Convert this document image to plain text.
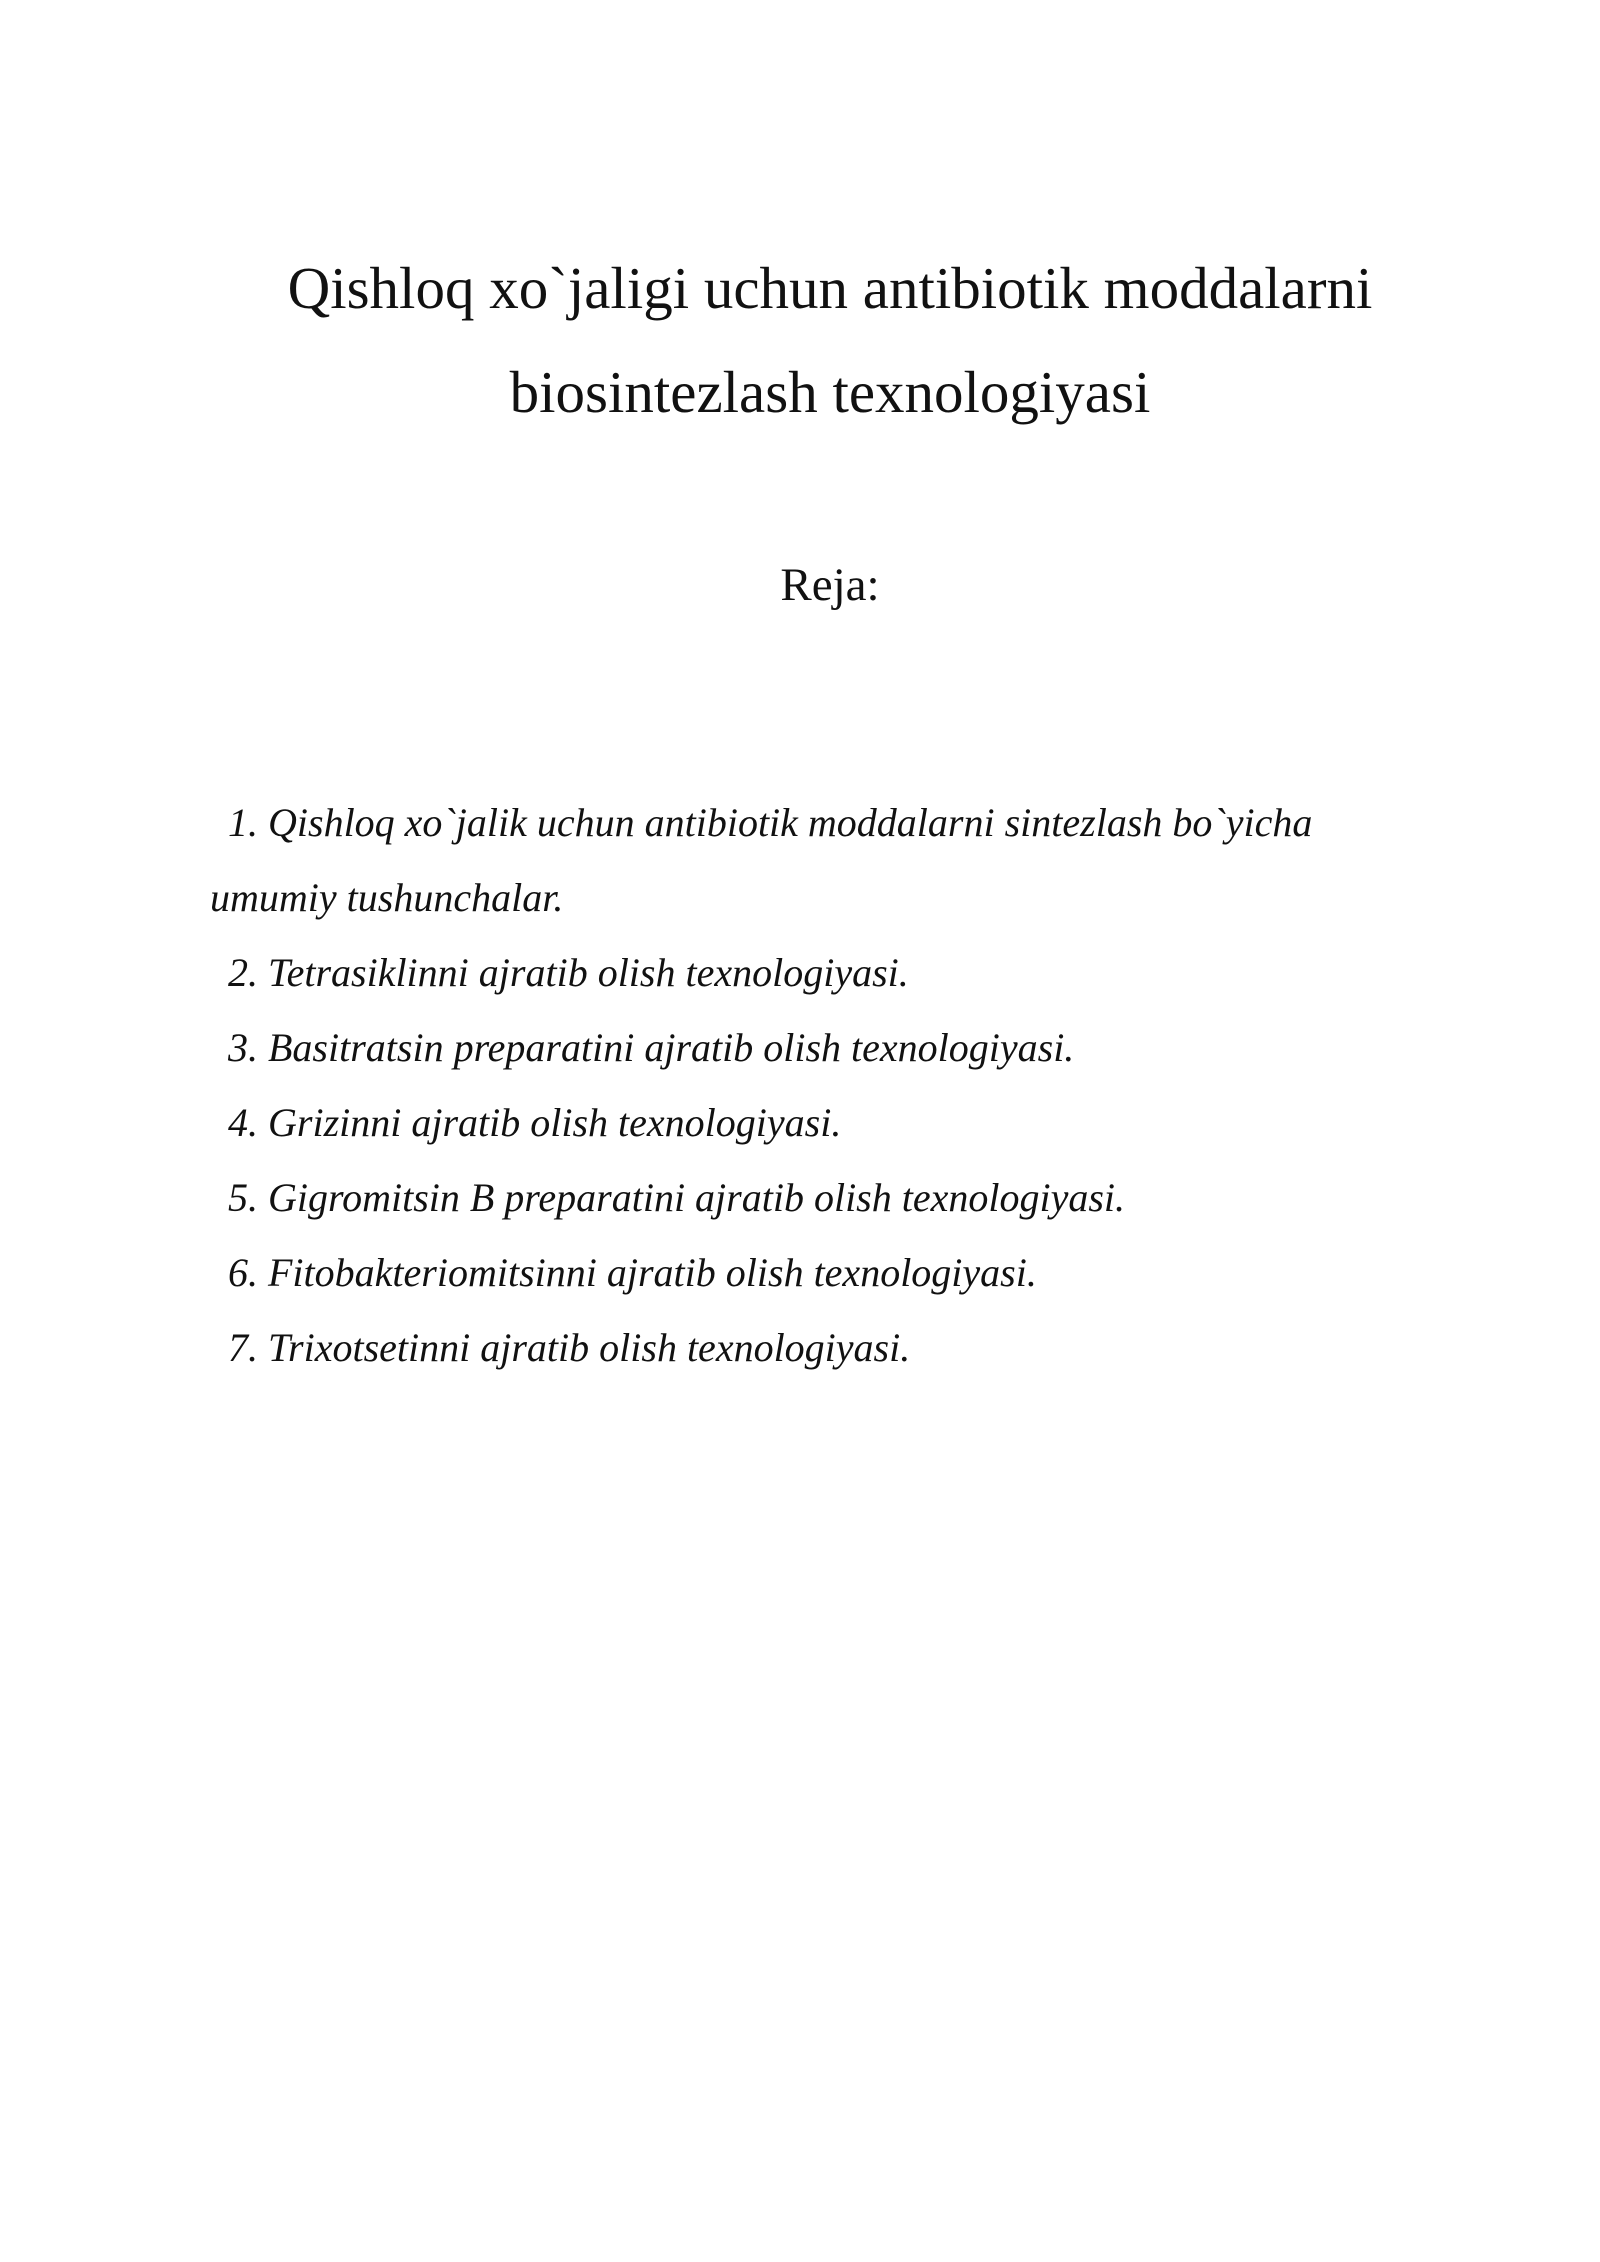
Qishloq xo`jaligi uchun antibiotik moddalarni
biosintezlash texnologiyasi
Reja:
1. Qishloq xo`jalik uchun antibiotik moddalarni sintezlash bo`yicha umumiy tushunchalar.
2. Tetrasiklinni ajratib olish texnologiyasi.
3. Basitratsin preparatini ajratib olish texnologiyasi.
4. Grizinni ajratib olish texnologiyasi.
5. Gigromitsin B preparatini ajratib olish texnologiyasi.
6. Fitobakteriomitsinni ajratib olish texnologiyasi.
7. Trixotsetinni ajratib olish texnologiyasi.
